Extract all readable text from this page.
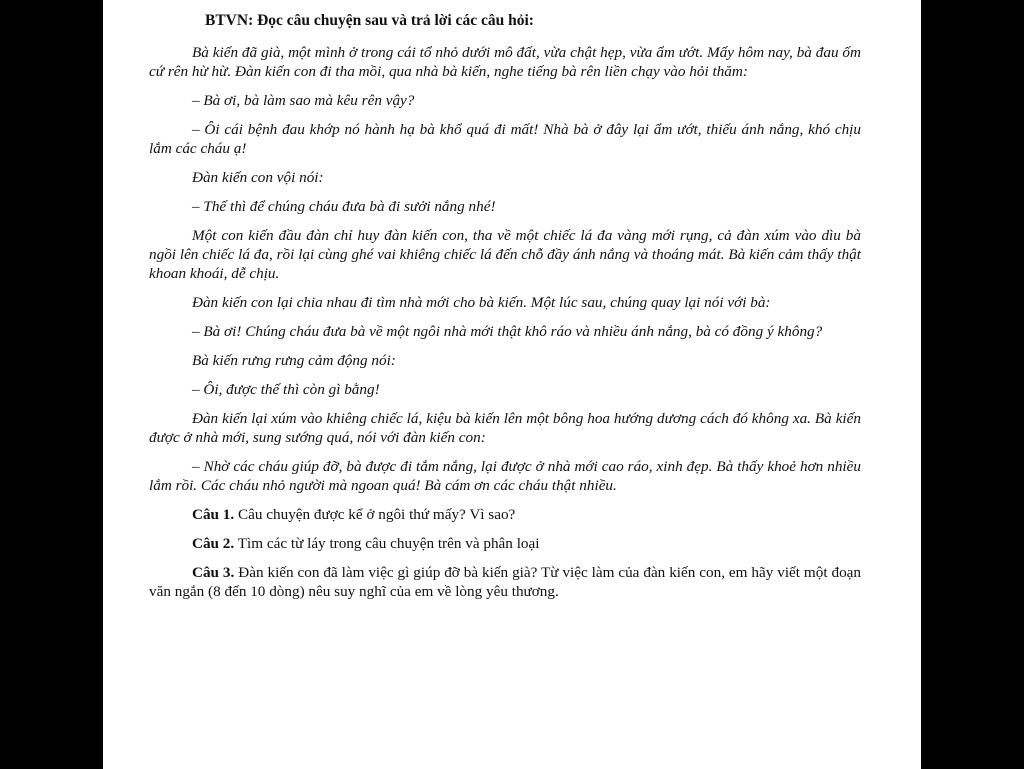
BTVN: Đọc câu chuyện sau và trả lời các câu hỏi:

Bà kiến đã già, một mình ở trong cái tổ nhỏ dưới mô đất, vừa chật hẹp, vừa ẩm ướt. Mấy hôm nay, bà đau ốm cứ rên hừ hừ. Đàn kiến con đi tha mồi, qua nhà bà kiến, nghe tiếng bà rên liền chạy vào hỏi thăm:

– Bà ơi, bà làm sao mà kêu rên vậy?

– Ôi cái bệnh đau khớp nó hành hạ bà khổ quá đi mất! Nhà bà ở đây lại ẩm ướt, thiếu ánh nắng, khó chịu lắm các cháu ạ!

Đàn kiến con vội nói:

– Thế thì để chúng cháu đưa bà đi sưởi nắng nhé!

Một con kiến đầu đàn chỉ huy đàn kiến con, tha về một chiếc lá đa vàng mới rụng, cả đàn xúm vào dìu bà ngồi lên chiếc lá đa, rồi lại cùng ghé vai khiêng chiếc lá đến chỗ đầy ánh nắng và thoáng mát. Bà kiến cảm thấy thật khoan khoái, dễ chịu.

Đàn kiến con lại chia nhau đi tìm nhà mới cho bà kiến. Một lúc sau, chúng quay lại nói với bà:

– Bà ơi! Chúng cháu đưa bà về một ngôi nhà mới thật khô ráo và nhiều ánh nắng, bà có đồng ý không?

Bà kiến rưng rưng cảm động nói:

– Ôi, được thế thì còn gì bằng!

Đàn kiến lại xúm vào khiêng chiếc lá, kiệu bà kiến lên một bông hoa hướng dương cách đó không xa. Bà kiến được ở nhà mới, sung sướng quá, nói với đàn kiến con:

– Nhờ các cháu giúp đỡ, bà được đi tắm nắng, lại được ở nhà mới cao ráo, xinh đẹp. Bà thấy khoẻ hơn nhiều lắm rồi. Các cháu nhỏ người mà ngoan quá! Bà cám ơn các cháu thật nhiều.

Câu 1. Câu chuyện được kể ở ngôi thứ mấy? Vì sao?

Câu 2. Tìm các từ láy trong câu chuyện trên và phân loại

Câu 3. Đàn kiến con đã làm việc gì giúp đỡ bà kiến già? Từ việc làm của đàn kiến con, em hãy viết một đoạn văn ngắn (8 đến 10 dòng) nêu suy nghĩ của em về lòng yêu thương.
